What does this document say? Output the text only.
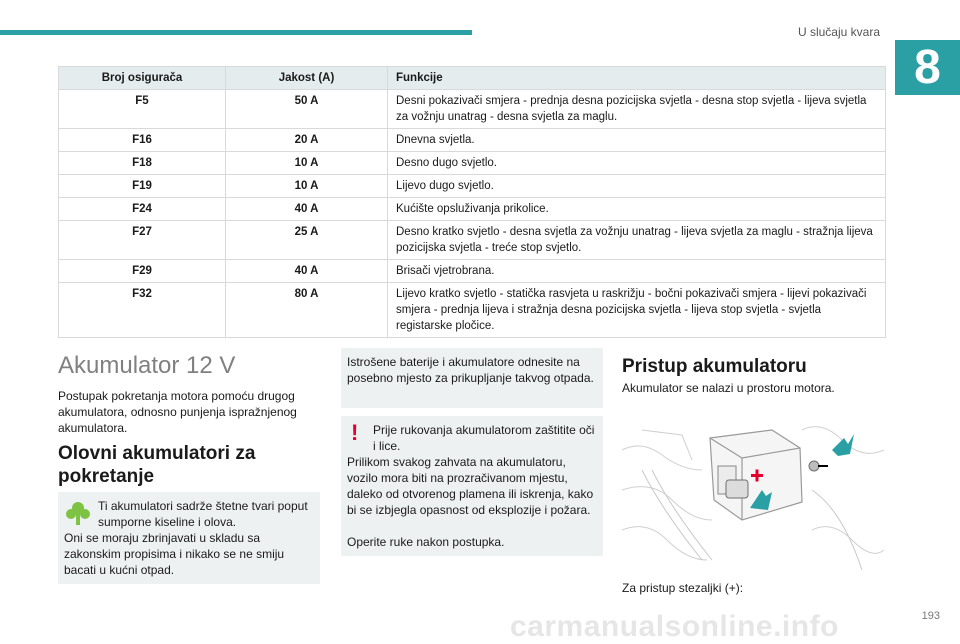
U slučaju kvara
8
Broj osigurača	Jakost (A)	Funkcije
F5	50 A	Desni pokazivači smjera - prednja desna pozicijska svjetla - desna stop svjetla - lijeva svjetla za vožnju unatrag - desna svjetla za maglu.
F16	20 A	Dnevna svjetla.
F18	10 A	Desno dugo svjetlo.
F19	10 A	Lijevo dugo svjetlo.
F24	40 A	Kućište opsluživanja prikolice.
F27	25 A	Desno kratko svjetlo - desna svjetla za vožnju unatrag - lijeva svjetla za maglu - stražnja lijeva pozicijska svjetla - treće stop svjetlo.
F29	40 A	Brisači vjetrobrana.
F32	80 A	Lijevo kratko svjetlo - statička rasvjeta u raskrižju - bočni pokazivači smjera - lijevi pokazivači smjera - prednja lijeva i stražnja desna pozicijska svjetla - lijeva stop svjetla - svjetla registarske pločice.
Akumulator 12 V

Postupak pokretanja motora pomoću drugog akumulatora, odnosno punjenja ispražnjenog akumulatora.

Olovni akumulatori za pokretanje

Ti akumulatori sadrže štetne tvari poput sumporne kiseline i olova.

Oni se moraju zbrinjavati u skladu sa zakonskim propisima i nikako se ne smiju bacati u kućni otpad.

Istrošene baterije i akumulatore odnesite na posebno mjesto za prikupljanje takvog otpada.

! Prije rukovanja akumulatorom zaštitite oči i lice.

Prilikom svakog zahvata na akumulatoru, vozilo mora biti na prozračivanom mjestu, daleko od otvorenog plamena ili iskrenja, kako bi se izbjegla opasnost od eksplozije i požara.

Operite ruke nakon postupka.

Pristup akumulatoru

Akumulator se nalazi u prostoru motora.

Za pristup stezaljki (+):

carmanualsonline.info	193
